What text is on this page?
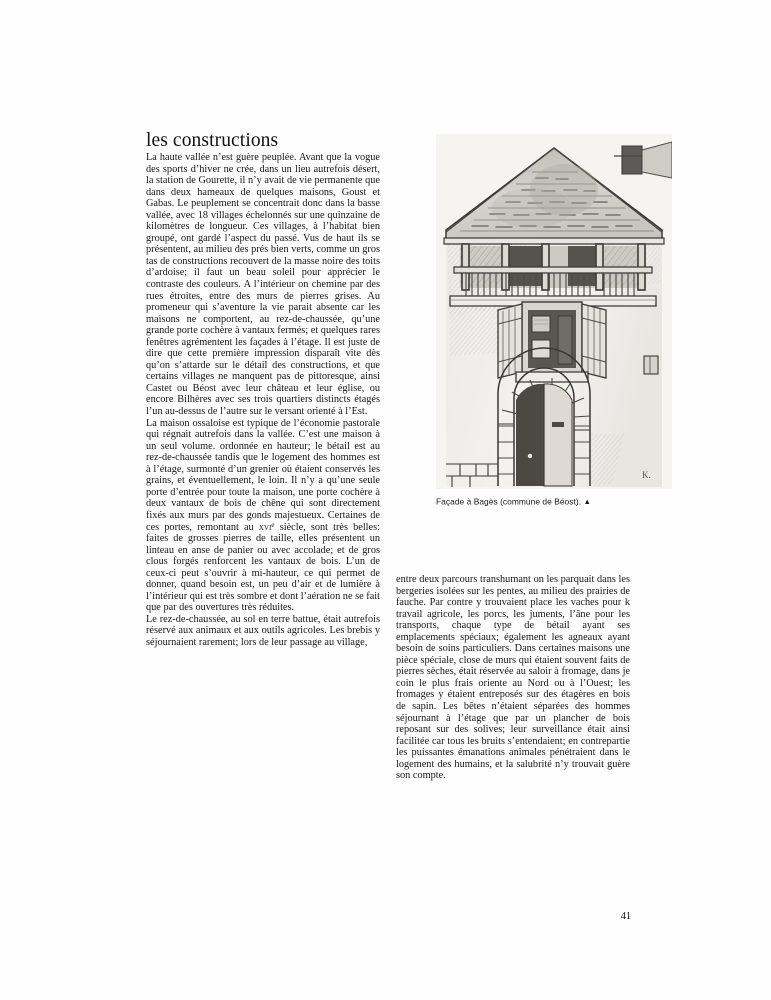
les constructions

La haute vallée n’est guère peuplée. Avant que la vogue des sports d’hiver ne crée, dans un lieu autrefois désert, la station de Gourette, il n’y avait de vie permanente que dans deux hameaux de quelques maisons, Goust et Gabas. Le peuplement se concentrait donc dans la basse vallée, avec 18 villages échelonnés sur une quinzaine de kilomètres de longueur. Ces villages, à l’habitat bien groupé, ont gardé l’aspect du passé. Vus de haut ils se présentent, au milieu des prés bien verts, comme un gros tas de constructions recouvert de la masse noire des toits d’ardoise; il faut un beau soleil pour apprécier le contraste des couleurs. A l’intérieur on chemine par des rues étroites, entre des murs de pierres grises. Au promeneur qui s’aventure la vie parait absente car les maisons ne comportent, au rez-de-chaussée, qu’une grande porte cochère à vantaux fermés; et quelques rares fenêtres agrémentent les façades à l’étage. Il est juste de dire que cette première impression disparaît vite dès qu’on s’attarde sur le détail des constructions, et que certains villages ne manquent pas de pittoresque, ainsi Castet ou Béost avec leur château et leur église, ou encore Bilhères avec ses trois quartiers distincts étagés l’un au-dessus de l’autre sur le versant orienté à l’Est.

La maison ossaloise est typique de l’économie pastorale qui régnait autrefois dans la vallée. C’est une maison à un seul volume. ordonnée en hauteur; le bétail est au rez-de-chaussée tandis que le logement des hommes est à l’étage, surmonté d’un grenier où étaient conservés les grains, et éventuellement, le loin. Il n’y a qu’une seule porte d’entrée pour toute la maison, une porte cochère à deux vantaux de bois de chêne qui sont directement fixés aux murs par des gonds majestueux. Certaines de ces portes, remontant au xvi$^e$ siècle, sont très belles: faites de grosses pierres de taille, elles présentent un linteau en anse de panier ou avec accolade; et de gros clous forgés renforcent les vantaux de bois. L’un de ceux-ci peut s’ouvrir à mi-hauteur, ce qui permet de donner, quand besoin est, un peu d’air et de lumière à l’intérieur qui est très sombre et dont l’aération ne se fait que par des ouvertures très réduites.

Le rez-de-chaussée, au sol en terre battue, était autrefois réservé aux animaux et aux outils agricoles. Les brebis y séjournaient rarement; lors de leur passage au village,

K.
Façade à Bagès (commune de Béost). ▲

entre deux parcours transhumant on les parquait dans les bergeries isolées sur les pentes, au milieu des prairies de fauche. Par contre y trouvaient place les vaches pour k travail agricole, les porcs, les juments, l’âne pour les transports, chaque type de bétail ayant ses emplacements spéciaux; également les agneaux ayant besoin de soins particuliers. Dans certaines maisons une pièce spéciale, close de murs qui étaient souvent faits de pierres sèches, était réservée au saloir à fromage, dans je coin le plus frais oriente au Nord ou à l’Ouest; les fromages y étaient entreposés sur des étagères en bois de sapin. Les bêtes n’étaient séparées des hommes séjournant à l’étage que par un plancher de bois reposant sur des solives; leur surveillance était ainsi facilitée car tous les bruits s’entendaient; en contrepartie les puissantes émanations animales pénétraient dans le logement des humains, et la salubrité n’y trouvait guère son compte.

41
